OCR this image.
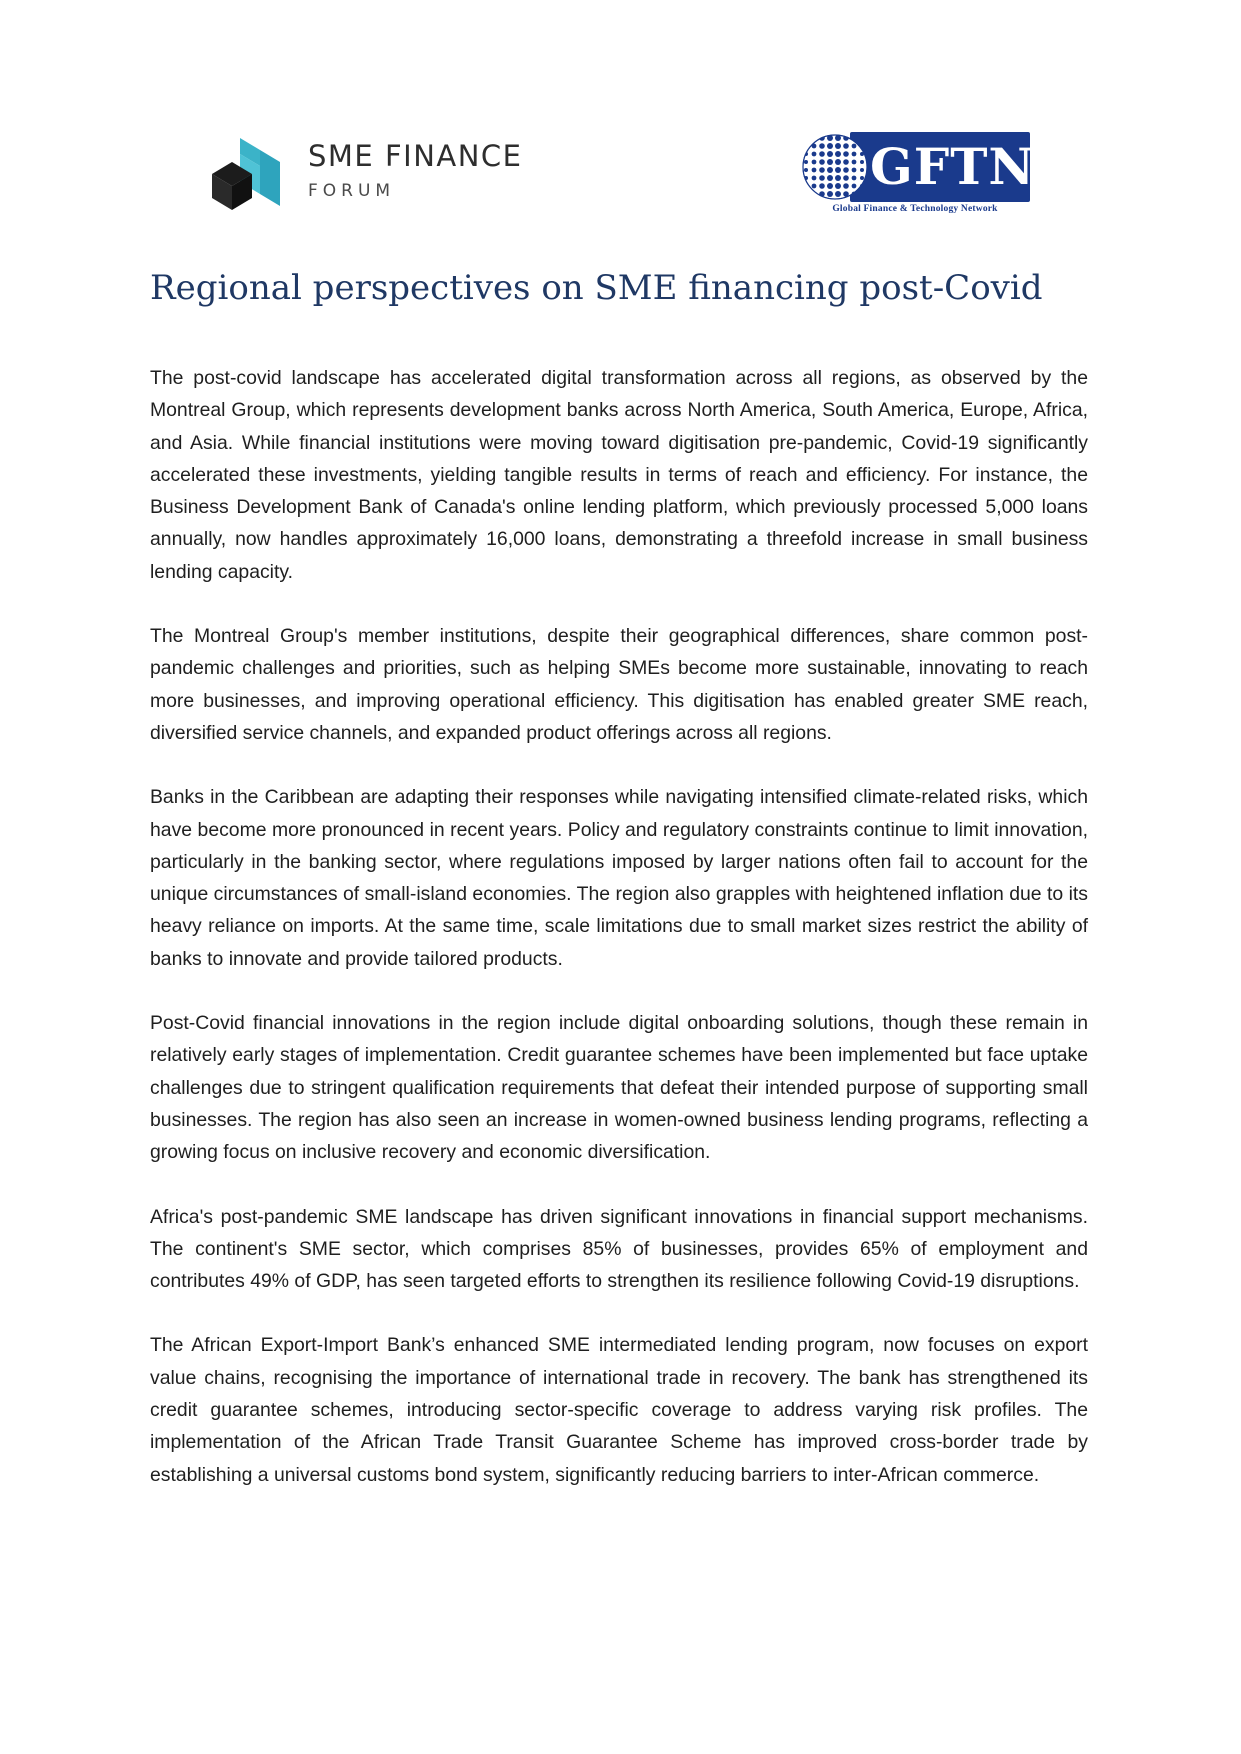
SME FINANCE
FORUM	GFTN
Global Finance & Technology Network
Regional perspectives on SME financing post-Covid

The post-covid landscape has accelerated digital transformation across all regions, as observed by the Montreal Group, which represents development banks across North America, South America, Europe, Africa, and Asia. While financial institutions were moving toward digitisation pre-pandemic, Covid-19 significantly accelerated these investments, yielding tangible results in terms of reach and efficiency. For instance, the Business Development Bank of Canada's online lending platform, which previously processed 5,000 loans annually, now handles approximately 16,000 loans, demonstrating a threefold increase in small business lending capacity.

The Montreal Group's member institutions, despite their geographical differences, share common post-pandemic challenges and priorities, such as helping SMEs become more sustainable, innovating to reach more businesses, and improving operational efficiency. This digitisation has enabled greater SME reach, diversified service channels, and expanded product offerings across all regions.

Banks in the Caribbean are adapting their responses while navigating intensified climate-related risks, which have become more pronounced in recent years. Policy and regulatory constraints continue to limit innovation, particularly in the banking sector, where regulations imposed by larger nations often fail to account for the unique circumstances of small-island economies. The region also grapples with heightened inflation due to its heavy reliance on imports. At the same time, scale limitations due to small market sizes restrict the ability of banks to innovate and provide tailored products.

Post-Covid financial innovations in the region include digital onboarding solutions, though these remain in relatively early stages of implementation. Credit guarantee schemes have been implemented but face uptake challenges due to stringent qualification requirements that defeat their intended purpose of supporting small businesses. The region has also seen an increase in women-owned business lending programs, reflecting a growing focus on inclusive recovery and economic diversification.

Africa's post-pandemic SME landscape has driven significant innovations in financial support mechanisms. The continent's SME sector, which comprises 85% of businesses, provides 65% of employment and contributes 49% of GDP, has seen targeted efforts to strengthen its resilience following Covid-19 disruptions.

The African Export-Import Bank’s enhanced SME intermediated lending program, now focuses on export value chains, recognising the importance of international trade in recovery. The bank has strengthened its credit guarantee schemes, introducing sector-specific coverage to address varying risk profiles. The implementation of the African Trade Transit Guarantee Scheme has improved cross-border trade by establishing a universal customs bond system, significantly reducing barriers to inter-African commerce.
